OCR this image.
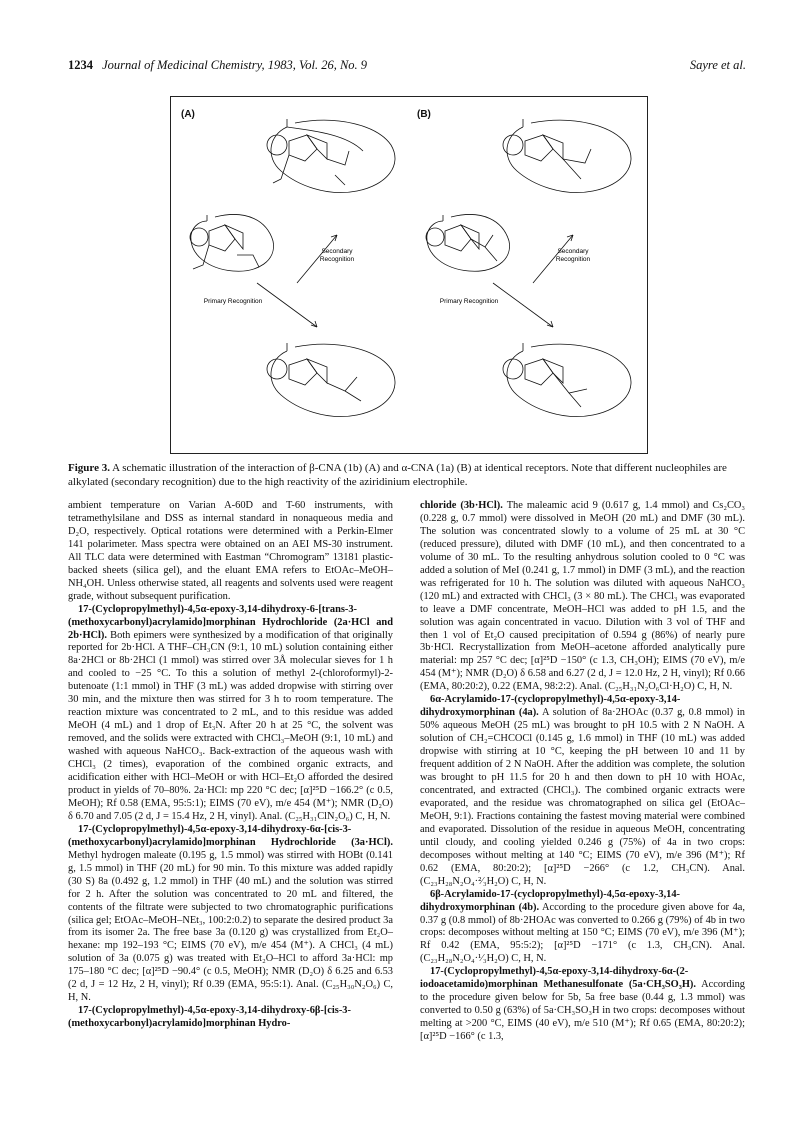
1234 Journal of Medicinal Chemistry, 1983, Vol. 26, No. 9	Sayre et al.
(A)
Secondary
Recognition
Primary Recognition
(B)
Secondary
Recognition
Primary Recognition
Figure 3. A schematic illustration of the interaction of β-CNA (1b) (A) and α-CNA (1a) (B) at identical receptors. Note that different nucleophiles are alkylated (secondary recognition) due to the high reactivity of the aziridinium electrophile.

ambient temperature on Varian A-60D and T-60 instruments, with tetramethylsilane and DSS as internal standard in nonaqueous media and D₂O, respectively. Optical rotations were determined with a Perkin-Elmer 141 polarimeter. Mass spectra were obtained on an AEI MS-30 instrument. All TLC data were determined with Eastman “Chromogram” 13181 plastic-backed sheets (silica gel), and the eluant EMA refers to EtOAc–MeOH–NH₄OH. Unless otherwise stated, all reagents and solvents used were reagent grade, without subsequent purification.

17-(Cyclopropylmethyl)-4,5α-epoxy-3,14-dihydroxy-6-[trans-3-(methoxycarbonyl)acrylamido]morphinan Hydrochloride (2a·HCl and 2b·HCl). Both epimers were synthesized by a modification of that originally reported for 2b·HCl. A THF–CH₃CN (9:1, 10 mL) solution containing either 8a·2HCl or 8b·2HCl (1 mmol) was stirred over 3Å molecular sieves for 1 h and cooled to −25 °C. To this a solution of methyl 2-(chloroformyl)-2-butenoate (1:1 mmol) in THF (3 mL) was added dropwise with stirring over 30 min, and the mixture then was stirred for 3 h to room temperature. The reaction mixture was concentrated to 2 mL, and to this residue was added MeOH (4 mL) and 1 drop of Et₃N. After 20 h at 25 °C, the solvent was removed, and the solids were extracted with CHCl₃–MeOH (9:1, 10 mL) and washed with aqueous NaHCO₃. Back-extraction of the aqueous wash with CHCl₃ (2 times), evaporation of the combined organic extracts, and acidification either with HCl–MeOH or with HCl–Et₂O afforded the desired product in yields of 70–80%. 2a·HCl: mp 220 °C dec; [α]²⁵D −166.2° (c 0.5, MeOH); Rf 0.58 (EMA, 95:5:1); EIMS (70 eV), m/e 454 (M⁺); NMR (D₂O) δ 6.70 and 7.05 (2 d, J = 15.4 Hz, 2 H, vinyl). Anal. (C₂₅H₃₁ClN₂O₆) C, H, N.

17-(Cyclopropylmethyl)-4,5α-epoxy-3,14-dihydroxy-6α-[cis-3-(methoxycarbonyl)acrylamido]morphinan Hydrochloride (3a·HCl). Methyl hydrogen maleate (0.195 g, 1.5 mmol) was stirred with HOBt (0.141 g, 1.5 mmol) in THF (20 mL) for 90 min. To this mixture was added rapidly (30 S) 8a (0.492 g, 1.2 mmol) in THF (40 mL) and the solution was stirred for 2 h. After the solution was concentrated to 20 mL and filtered, the contents of the filtrate were subjected to two chromatographic purifications (silica gel; EtOAc–MeOH–NEt₃, 100:2:0.2) to separate the desired product 3a from its isomer 2a. The free base 3a (0.120 g) was crystallized from Et₂O–hexane: mp 192–193 °C; EIMS (70 eV), m/e 454 (M⁺). A CHCl₃ (4 mL) solution of 3a (0.075 g) was treated with Et₂O–HCl to afford 3a·HCl: mp 175–180 °C dec; [α]²⁵D −90.4° (c 0.5, MeOH); NMR (D₂O) δ 6.25 and 6.53 (2 d, J = 12 Hz, 2 H, vinyl); Rf 0.39 (EMA, 95:5:1). Anal. (C₂₅H₃₀N₂O₆) C, H, N.

17-(Cyclopropylmethyl)-4,5α-epoxy-3,14-dihydroxy-6β-[cis-3-(methoxycarbonyl)acrylamido]morphinan Hydro-

chloride (3b·HCl). The maleamic acid 9 (0.617 g, 1.4 mmol) and Cs₂CO₃ (0.228 g, 0.7 mmol) were dissolved in MeOH (20 mL) and DMF (30 mL). The solution was concentrated slowly to a volume of 25 mL at 30 °C (reduced pressure), diluted with DMF (10 mL), and then concentrated to a volume of 30 mL. To the resulting anhydrous solution cooled to 0 °C was added a solution of MeI (0.241 g, 1.7 mmol) in DMF (3 mL), and the reaction was refrigerated for 10 h. The solution was diluted with aqueous NaHCO₃ (120 mL) and extracted with CHCl₃ (3 × 80 mL). The CHCl₃ was evaporated to leave a DMF concentrate, MeOH–HCl was added to pH 1.5, and the solution was again concentrated in vacuo. Dilution with 3 vol of THF and then 1 vol of Et₂O caused precipitation of 0.594 g (86%) of nearly pure 3b·HCl. Recrystallization from MeOH–acetone afforded analytically pure material: mp 257 °C dec; [α]²⁵D −150° (c 1.3, CH₃OH); EIMS (70 eV), m/e 454 (M⁺); NMR (D₂O) δ 6.58 and 6.27 (2 d, J = 12.0 Hz, 2 H, vinyl); Rf 0.66 (EMA, 80:20:2), 0.22 (EMA, 98:2:2). Anal. (C₂₅H₃₁N₂O₆Cl·H₂O) C, H, N.

6α-Acrylamido-17-(cyclopropylmethyl)-4,5α-epoxy-3,14-dihydroxymorphinan (4a). A solution of 8a·2HOAc (0.37 g, 0.8 mmol) in 50% aqueous MeOH (25 mL) was brought to pH 10.5 with 2 N NaOH. A solution of CH₂=CHCOCl (0.145 g, 1.6 mmol) in THF (10 mL) was added dropwise with stirring at 10 °C, keeping the pH between 10 and 11 by frequent addition of 2 N NaOH. After the addition was complete, the solution was brought to pH 11.5 for 20 h and then down to pH 10 with HOAc, concentrated, and extracted (CHCl₃). The combined organic extracts were evaporated, and the residue was chromatographed on silica gel (EtOAc–MeOH, 9:1). Fractions containing the fastest moving material were combined and evaporated. Dissolution of the residue in aqueous MeOH, concentrating until cloudy, and cooling yielded 0.246 g (75%) of 4a in two crops: decomposes without melting at 140 °C; EIMS (70 eV), m/e 396 (M⁺); Rf 0.62 (EMA, 80:20:2); [α]²⁵D −266° (c 1.2, CH₃CN). Anal. (C₂₃H₂₈N₂O₄·²⁄₃H₂O) C, H, N.

6β-Acrylamido-17-(cyclopropylmethyl)-4,5α-epoxy-3,14-dihydroxymorphinan (4b). According to the procedure given above for 4a, 0.37 g (0.8 mmol) of 8b·2HOAc was converted to 0.266 g (79%) of 4b in two crops: decomposes without melting at 150 °C; EIMS (70 eV), m/e 396 (M⁺); Rf 0.42 (EMA, 95:5:2); [α]²⁵D −171° (c 1.3, CH₃CN). Anal. (C₂₃H₂₈N₂O₄·¹⁄₃H₂O) C, H, N.

17-(Cyclopropylmethyl)-4,5α-epoxy-3,14-dihydroxy-6α-(2-iodoacetamido)morphinan Methanesulfonate (5a·CH₃SO₃H). According to the procedure given below for 5b, 5a free base (0.44 g, 1.3 mmol) was converted to 0.50 g (63%) of 5a·CH₃SO₃H in two crops: decomposes without melting at >200 °C, EIMS (40 eV), m/e 510 (M⁺); Rf 0.65 (EMA, 80:20:2); [α]²⁵D −166° (c 1.3,
